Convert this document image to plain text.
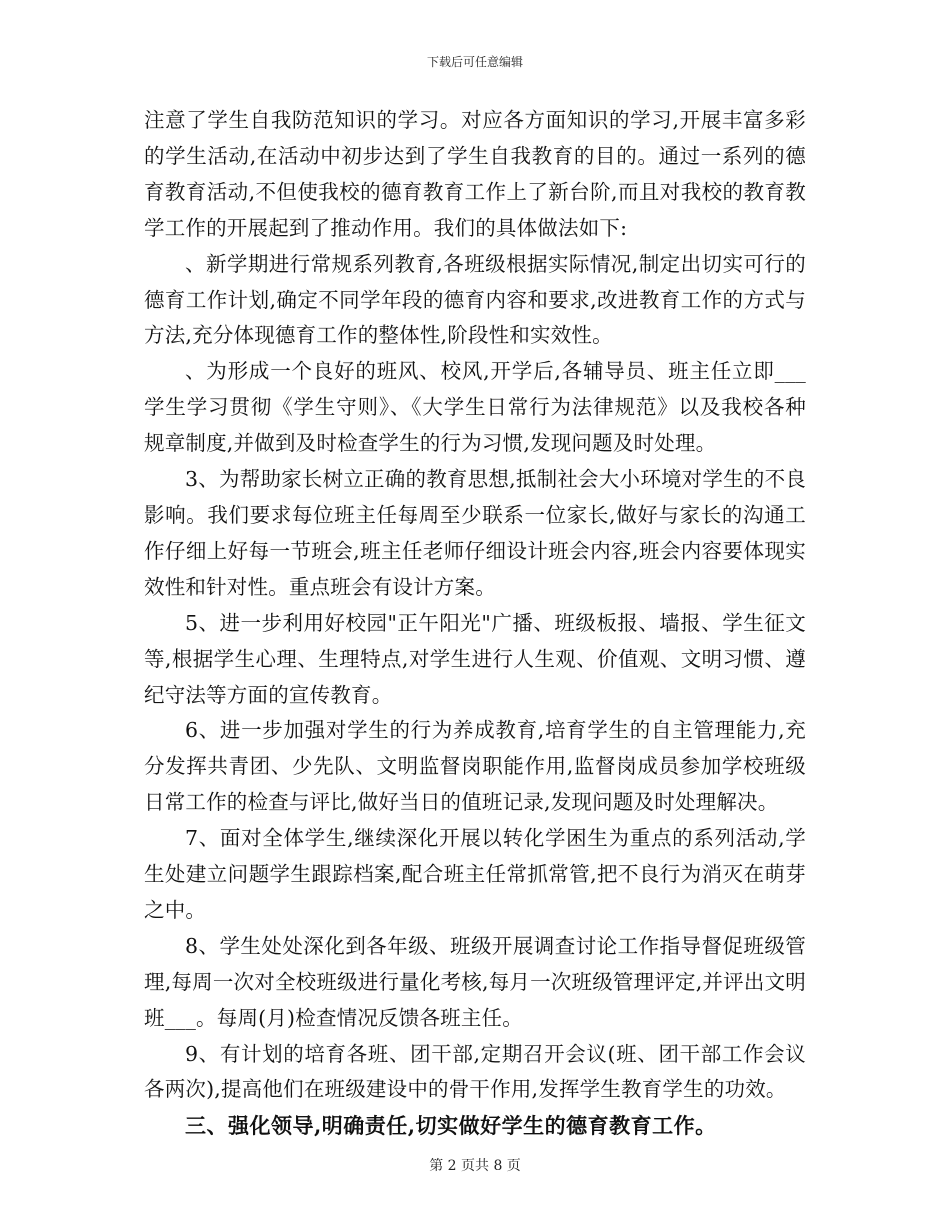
下载后可任意编辑

注意了学生自我防范知识的学习。对应各方面知识的学习,开展丰富多彩的学生活动,在活动中初步达到了学生自我教育的目的。通过一系列的德育教育活动,不但使我校的德育教育工作上了新台阶,而且对我校的教育教学工作的开展起到了推动作用。我们的具体做法如下:

、新学期进行常规系列教育,各班级根据实际情况,制定出切实可行的德育工作计划,确定不同学年段的德育内容和要求,改进教育工作的方式与方法,充分体现德育工作的整体性,阶段性和实效性。

、为形成一个良好的班风、校风,开学后,各辅导员、班主任立即___学生学习贯彻《学生守则》、《大学生日常行为法律规范》以及我校各种规章制度,并做到及时检查学生的行为习惯,发现问题及时处理。

3、为帮助家长树立正确的教育思想,抵制社会大小环境对学生的不良影响。我们要求每位班主任每周至少联系一位家长,做好与家长的沟通工作仔细上好每一节班会,班主任老师仔细设计班会内容,班会内容要体现实效性和针对性。重点班会有设计方案。

5、进一步利用好校园"正午阳光"广播、班级板报、墙报、学生征文等,根据学生心理、生理特点,对学生进行人生观、价值观、文明习惯、遵纪守法等方面的宣传教育。

6、进一步加强对学生的行为养成教育,培育学生的自主管理能力,充分发挥共青团、少先队、文明监督岗职能作用,监督岗成员参加学校班级日常工作的检查与评比,做好当日的值班记录,发现问题及时处理解决。

7、面对全体学生,继续深化开展以转化学困生为重点的系列活动,学生处建立问题学生跟踪档案,配合班主任常抓常管,把不良行为消灭在萌芽之中。

8、学生处处深化到各年级、班级开展调查讨论工作指导督促班级管理,每周一次对全校班级进行量化考核,每月一次班级管理评定,并评出文明班___。每周(月)检查情况反馈各班主任。

9、有计划的培育各班、团干部,定期召开会议(班、团干部工作会议各两次),提高他们在班级建设中的骨干作用,发挥学生教育学生的功效。

三、强化领导,明确责任,切实做好学生的德育教育工作。

第 2 页共 8 页
